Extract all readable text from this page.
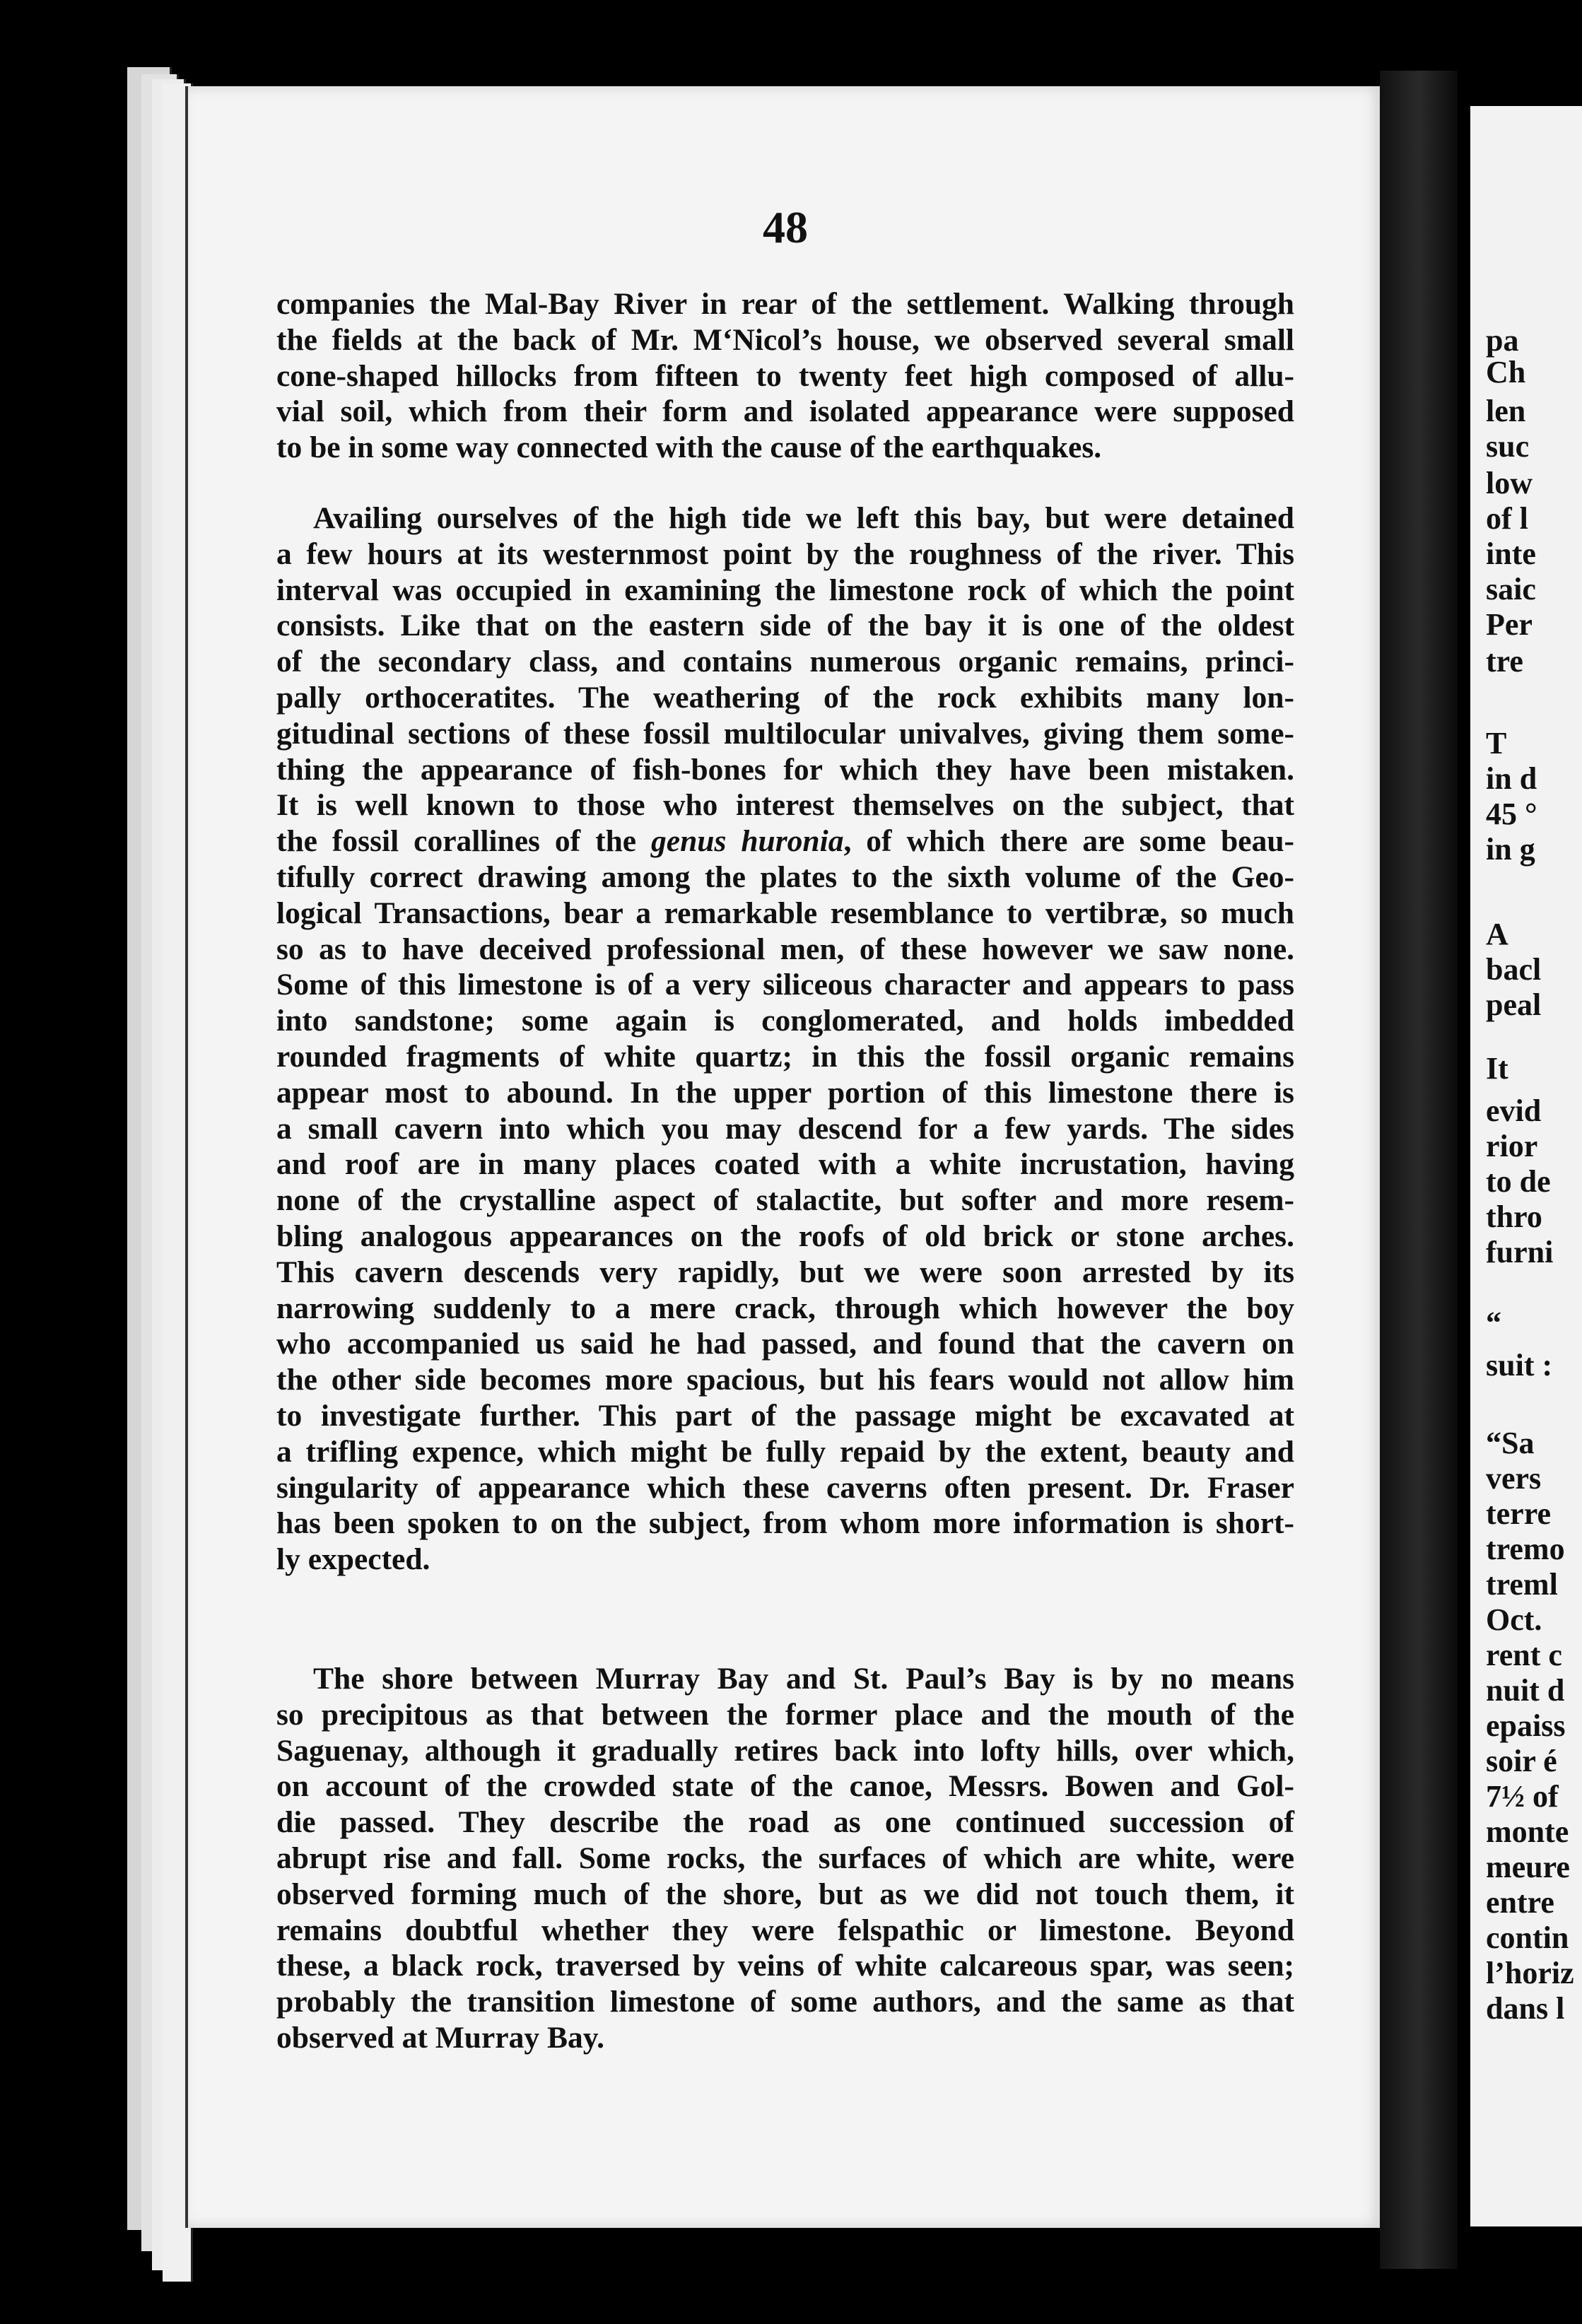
48
companies the Mal-Bay River in rear of the settlement. Walking through
the fields at the back of Mr. M‘Nicol’s house, we observed several small
cone-shaped hillocks from fifteen to twenty feet high composed of allu-
vial soil, which from their form and isolated appearance were supposed
to be in some way connected with the cause of the earthquakes.
Availing ourselves of the high tide we left this bay, but were detained
a few hours at its westernmost point by the roughness of the river. This
interval was occupied in examining the limestone rock of which the point
consists. Like that on the eastern side of the bay it is one of the oldest
of the secondary class, and contains numerous organic remains, princi-
pally orthoceratites. The weathering of the rock exhibits many lon-
gitudinal sections of these fossil multilocular univalves, giving them some-
thing the appearance of fish-bones for which they have been mistaken.
It is well known to those who interest themselves on the subject, that
the fossil corallines of the genus huronia, of which there are some beau-
tifully correct drawing among the plates to the sixth volume of the Geo-
logical Transactions, bear a remarkable resemblance to vertibræ, so much
so as to have deceived professional men, of these however we saw none.
Some of this limestone is of a very siliceous character and appears to pass
into sandstone; some again is conglomerated, and holds imbedded
rounded fragments of white quartz; in this the fossil organic remains
appear most to abound. In the upper portion of this limestone there is
a small cavern into which you may descend for a few yards. The sides
and roof are in many places coated with a white incrustation, having
none of the crystalline aspect of stalactite, but softer and more resem-
bling analogous appearances on the roofs of old brick or stone arches.
This cavern descends very rapidly, but we were soon arrested by its
narrowing suddenly to a mere crack, through which however the boy
who accompanied us said he had passed, and found that the cavern on
the other side becomes more spacious, but his fears would not allow him
to investigate further. This part of the passage might be excavated at
a trifling expence, which might be fully repaid by the extent, beauty and
singularity of appearance which these caverns often present. Dr. Fraser
has been spoken to on the subject, from whom more information is short-
ly expected.
The shore between Murray Bay and St. Paul’s Bay is by no means
so precipitous as that between the former place and the mouth of the
Saguenay, although it gradually retires back into lofty hills, over which,
on account of the crowded state of the canoe, Messrs. Bowen and Gol-
die passed. They describe the road as one continued succession of
abrupt rise and fall. Some rocks, the surfaces of which are white, were
observed forming much of the shore, but as we did not touch them, it
remains doubtful whether they were felspathic or limestone. Beyond
these, a black rock, traversed by veins of white calcareous spar, was seen;
probably the transition limestone of some authors, and the same as that
observed at Murray Bay.
pa
Ch
len
suc
low
of l
inte
saic
Per
tre
T
in d
45 °
in g
A
bacl
peal
It
evid
rior
to de
thro
furni
“
suit :
“Sa
vers
terre
tremo
treml
Oct.
rent c
nuit d
epaiss
soir é
7½ of
monte
meure
entre
contin
l’horiz
dans l
